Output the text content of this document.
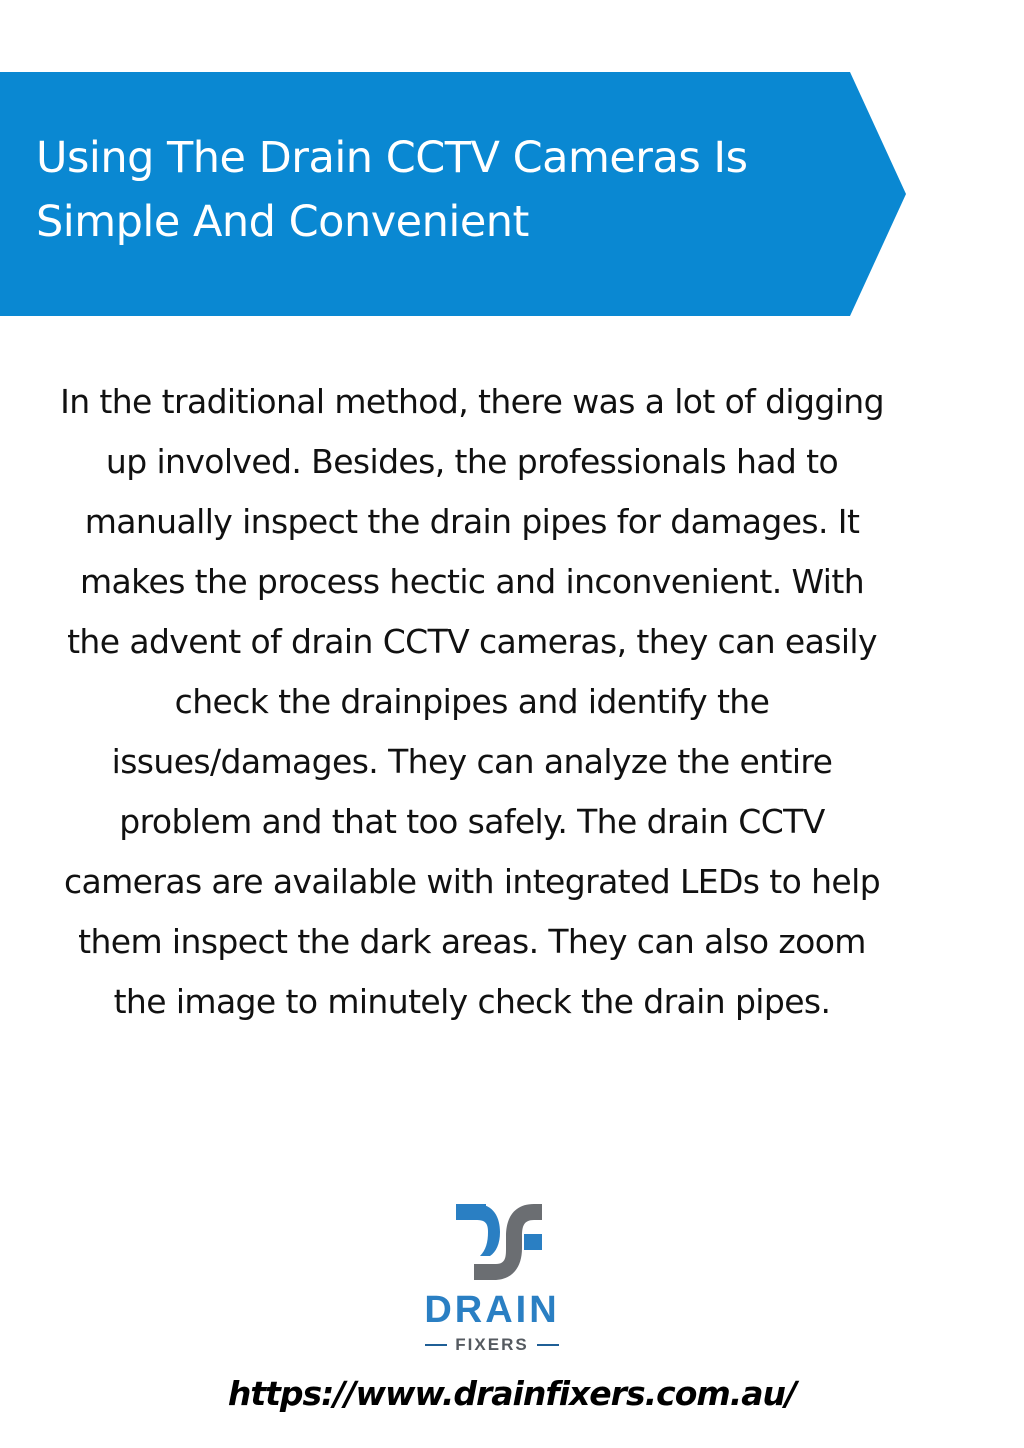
Using The Drain CCTV Cameras Is Simple And Convenient

In the traditional method, there was a lot of digging up involved. Besides, the professionals had to manually inspect the drain pipes for damages. It makes the process hectic and inconvenient. With the advent of drain CCTV cameras, they can easily check the drainpipes and identify the issues/damages. They can analyze the entire problem and that too safely. The drain CCTV cameras are available with integrated LEDs to help them inspect the dark areas. They can also zoom the image to minutely check the drain pipes.

DRAIN
FIXERS

https://www.drainfixers.com.au/
